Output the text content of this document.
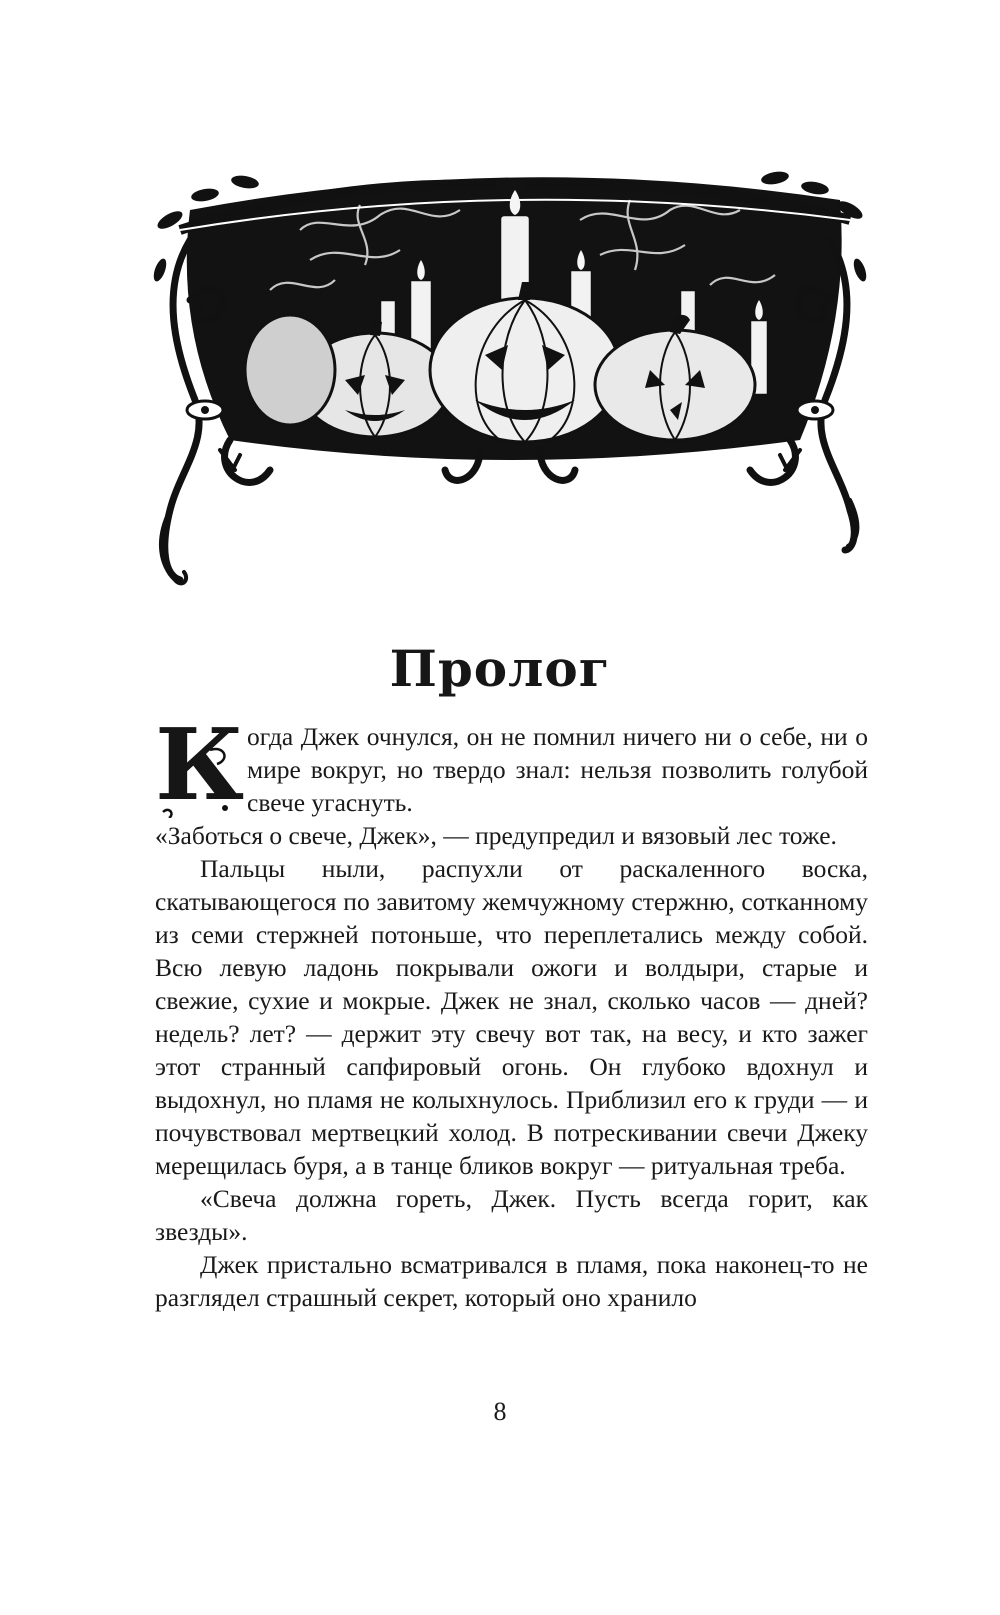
Пролог

К огда Джек очнулся, он не помнил ничего ни о себе, ни о мире вокруг, но твердо знал: нельзя позволить голубой свече угаснуть.

«Заботься о свече, Джек», — предупредил и вязовый лес тоже.

Пальцы ныли, распухли от раскаленного воска, скатывающегося по завитому жемчужному стержню, сотканному из семи стержней потоньше, что переплетались между собой. Всю левую ладонь покрывали ожоги и волдыри, старые и свежие, сухие и мокрые. Джек не знал, сколько часов — дней? недель? лет? — держит эту свечу вот так, на весу, и кто зажег этот странный сапфировый огонь. Он глубоко вдохнул и выдохнул, но пламя не колыхнулось. Приблизил его к груди — и почувствовал мертвецкий холод. В потрескивании свечи Джеку мерещилась буря, а в танце бликов вокруг — ритуальная треба.

«Свеча должна гореть, Джек. Пусть всегда горит, как звезды».

Джек пристально всматривался в пламя, пока наконец-то не разглядел страшный секрет, который оно хранило

8
